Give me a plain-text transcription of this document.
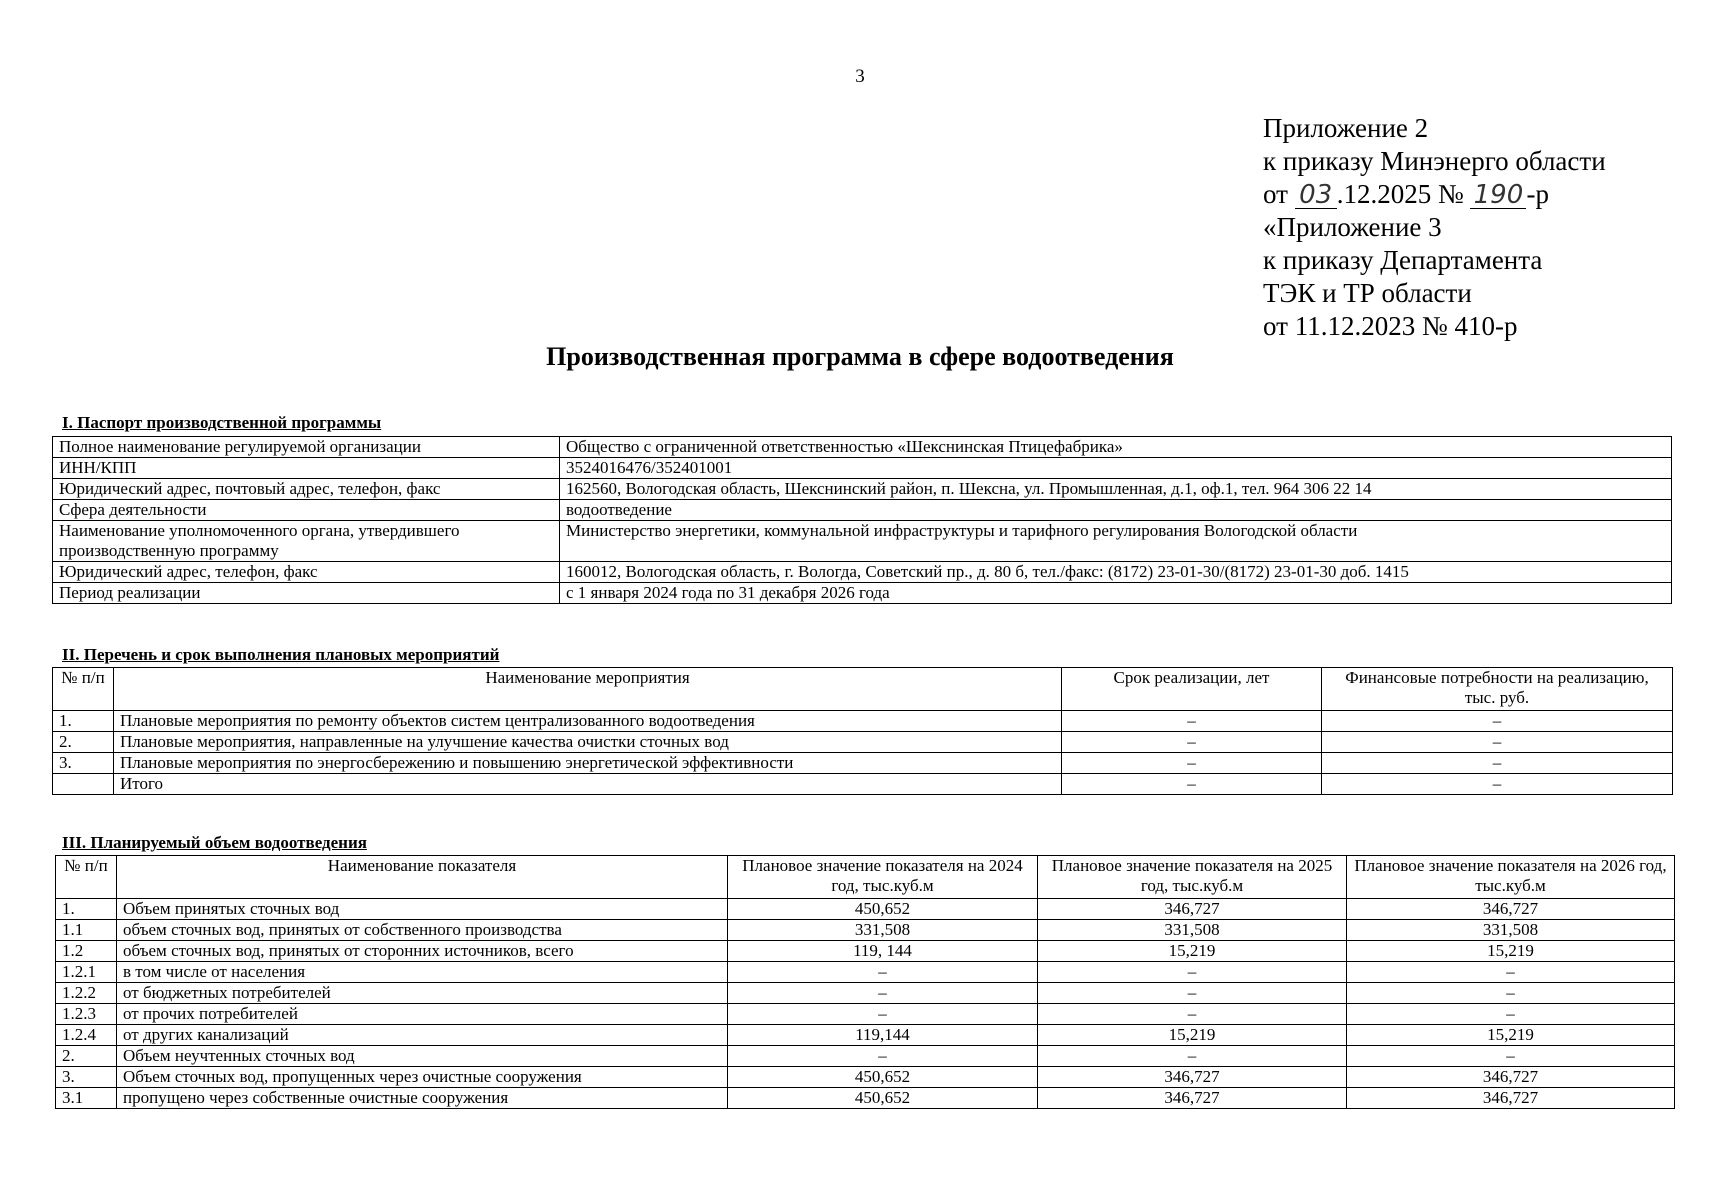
3
Приложение 2
к приказу Минэнерго области
от 03 .12.2025 № 190 -р
«Приложение 3
к приказу Департамента
ТЭК и ТР области
от 11.12.2023 № 410-р
Производственная программа в сфере водоотведения
I. Паспорт производственной программы
Полное наименование регулируемой организации	Общество с ограниченной ответственностью «Шекснинская Птицефабрика»
ИНН/КПП	3524016476/352401001
Юридический адрес, почтовый адрес, телефон, факс	162560, Вологодская область, Шекснинский район, п. Шексна, ул. Промышленная, д.1, оф.1, тел. 964 306 22 14
Сфера деятельности	водоотведение
Наименование уполномоченного органа, утвердившего производственную программу	Министерство энергетики, коммунальной инфраструктуры и тарифного регулирования Вологодской области
Юридический адрес, телефон, факс	160012, Вологодская область, г. Вологда, Советский пр., д. 80 б, тел./факс: (8172) 23-01-30/(8172) 23-01-30 доб. 1415
Период реализации	с 1 января 2024 года по 31 декабря 2026 года
II. Перечень и срок выполнения плановых мероприятий
№ п/п	Наименование мероприятия	Срок реализации, лет	Финансовые потребности на реализацию, тыс. руб.
1.	Плановые мероприятия по ремонту объектов систем централизованного водоотведения	–	–
2.	Плановые мероприятия, направленные на улучшение качества очистки сточных вод	–	–
3.	Плановые мероприятия по энергосбережению и повышению энергетической эффективности	–	–
	Итого	–	–
III. Планируемый объем водоотведения
№ п/п	Наименование показателя	Плановое значение показателя на 2024 год, тыс.куб.м	Плановое значение показателя на 2025 год, тыс.куб.м	Плановое значение показателя на 2026 год, тыс.куб.м
1.	Объем принятых сточных вод	450,652	346,727	346,727
1.1	объем сточных вод, принятых от собственного производства	331,508	331,508	331,508
1.2	объем сточных вод, принятых от сторонних источников, всего	119, 144	15,219	15,219
1.2.1	в том числе от населения	–	–	–
1.2.2	от бюджетных потребителей	–	–	–
1.2.3	от прочих потребителей	–	–	–
1.2.4	от других канализаций	119,144	15,219	15,219
2.	Объем неучтенных сточных вод	–	–	–
3.	Объем сточных вод, пропущенных через очистные сооружения	450,652	346,727	346,727
3.1	пропущено через собственные очистные сооружения	450,652	346,727	346,727
